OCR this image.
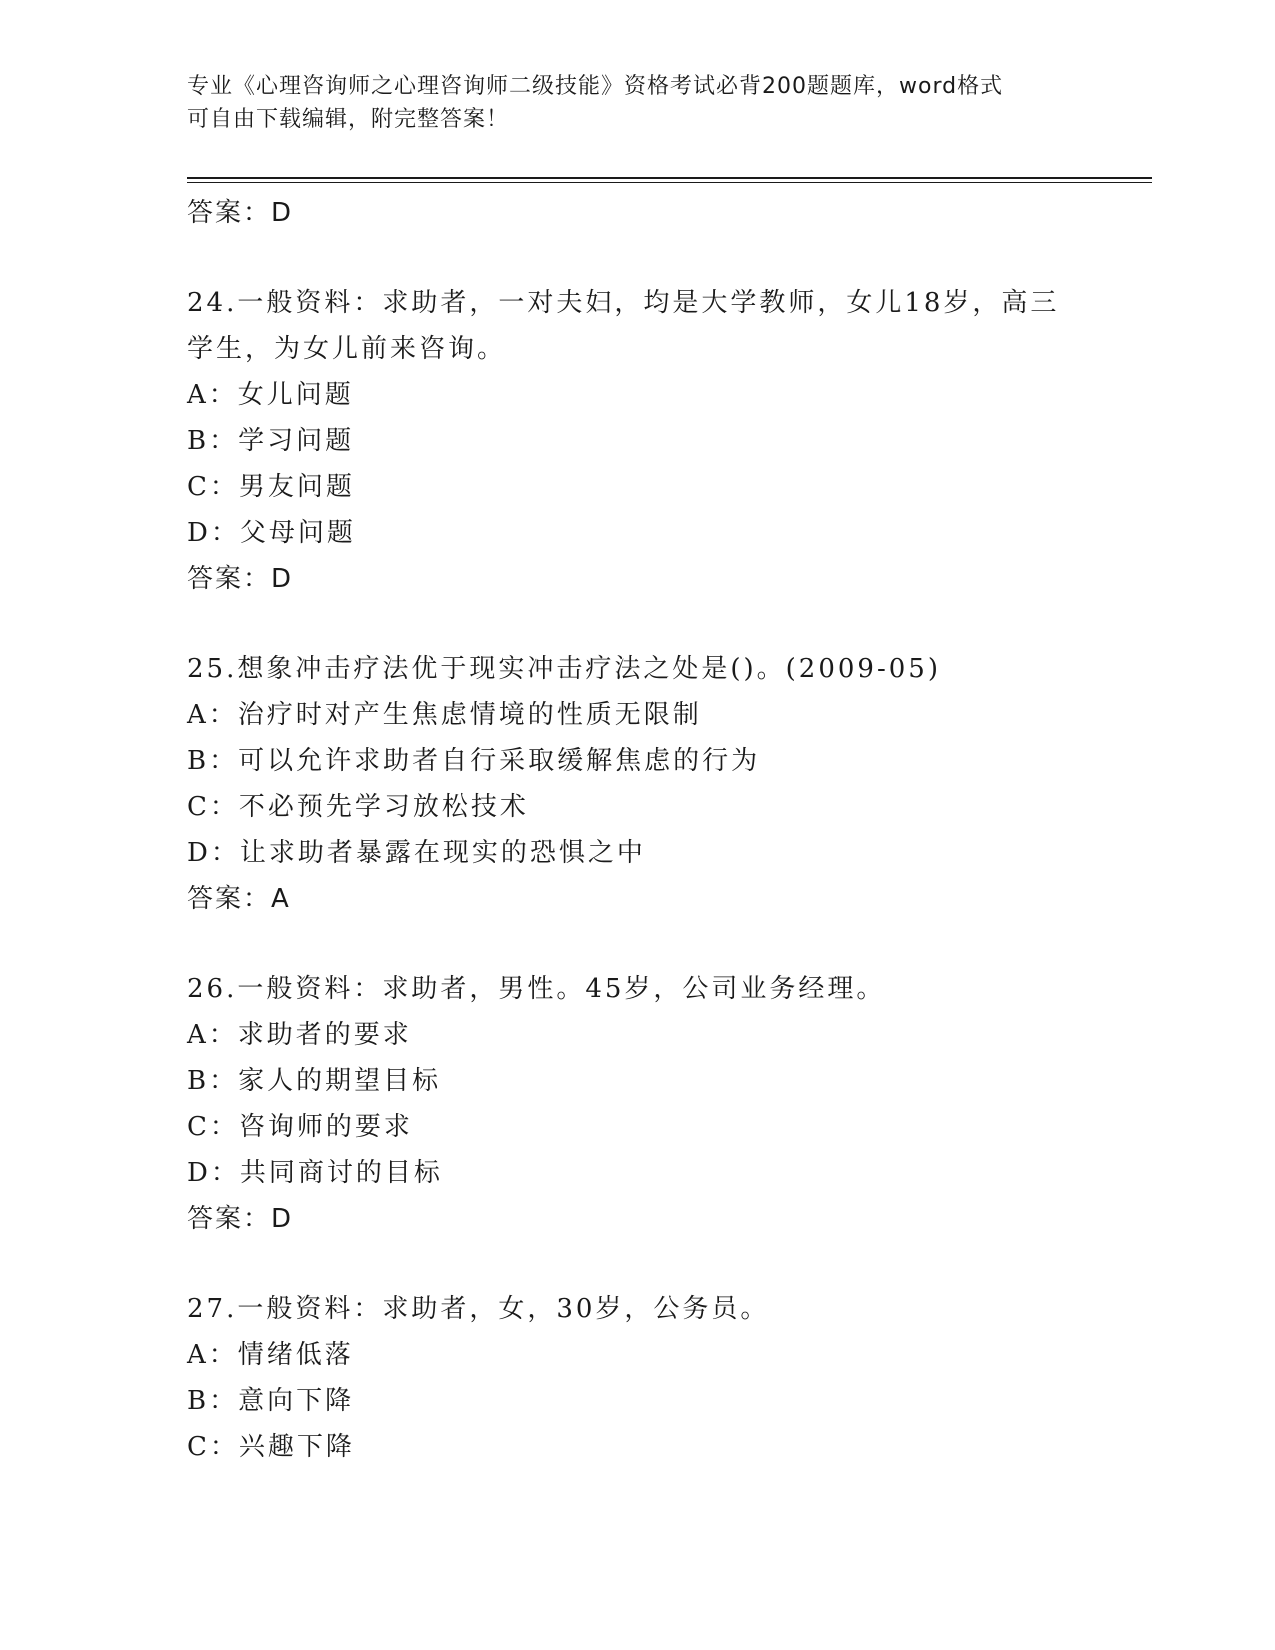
专业《心理咨询师之心理咨询师二级技能》资格考试必背200题题库，word格式
可自由下载编辑，附完整答案！
答案：D
24.一般资料：求助者，一对夫妇，均是大学教师，女儿18岁，高三
学生，为女儿前来咨询。
A：女儿问题
B：学习问题
C：男友问题
D：父母问题
答案：D
25.想象冲击疗法优于现实冲击疗法之处是()。(2009-05)
A：治疗时对产生焦虑情境的性质无限制
B：可以允许求助者自行采取缓解焦虑的行为
C：不必预先学习放松技术
D：让求助者暴露在现实的恐惧之中
答案：A
26.一般资料：求助者，男性。45岁，公司业务经理。
A：求助者的要求
B：家人的期望目标
C：咨询师的要求
D：共同商讨的目标
答案：D
27.一般资料：求助者，女，30岁，公务员。
A：情绪低落
B：意向下降
C：兴趣下降
